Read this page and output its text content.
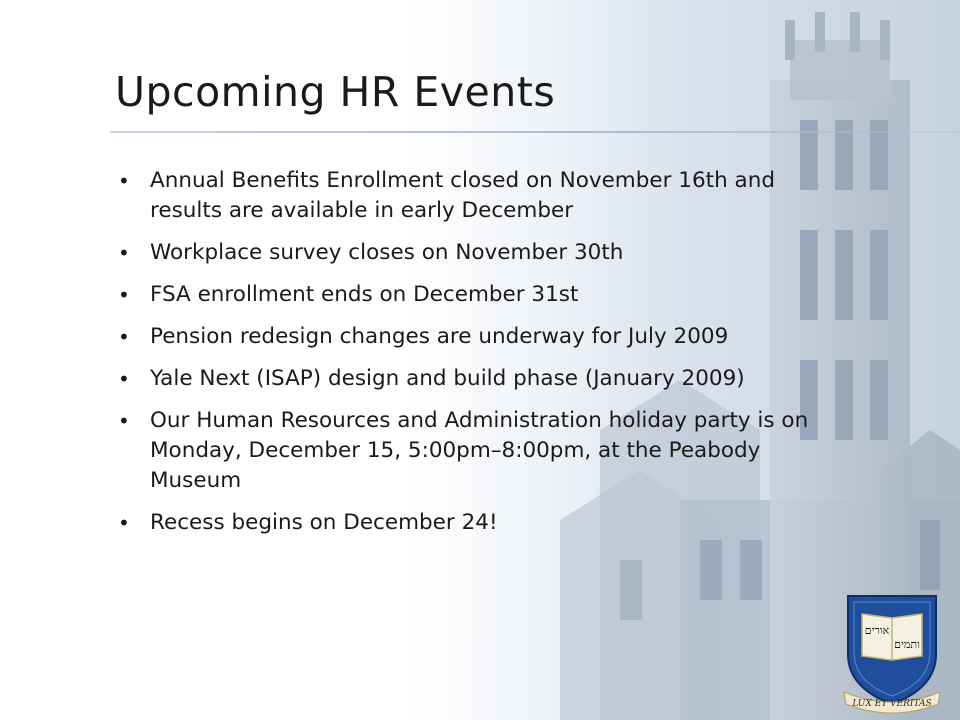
Upcoming HR Events
• Annual Benefits Enrollment closed on November 16th and results are available in early December
• Workplace survey closes on November 30th
• FSA enrollment ends on December 31st
• Pension redesign changes are underway for July 2009
• Yale Next (ISAP) design and build phase (January 2009)
• Our Human Resources and Administration holiday party is on Monday, December 15, 5:00pm–8:00pm, at the Peabody Museum
• Recess begins on December 24!
אורים
ותמים
LUX ET VERITAS
